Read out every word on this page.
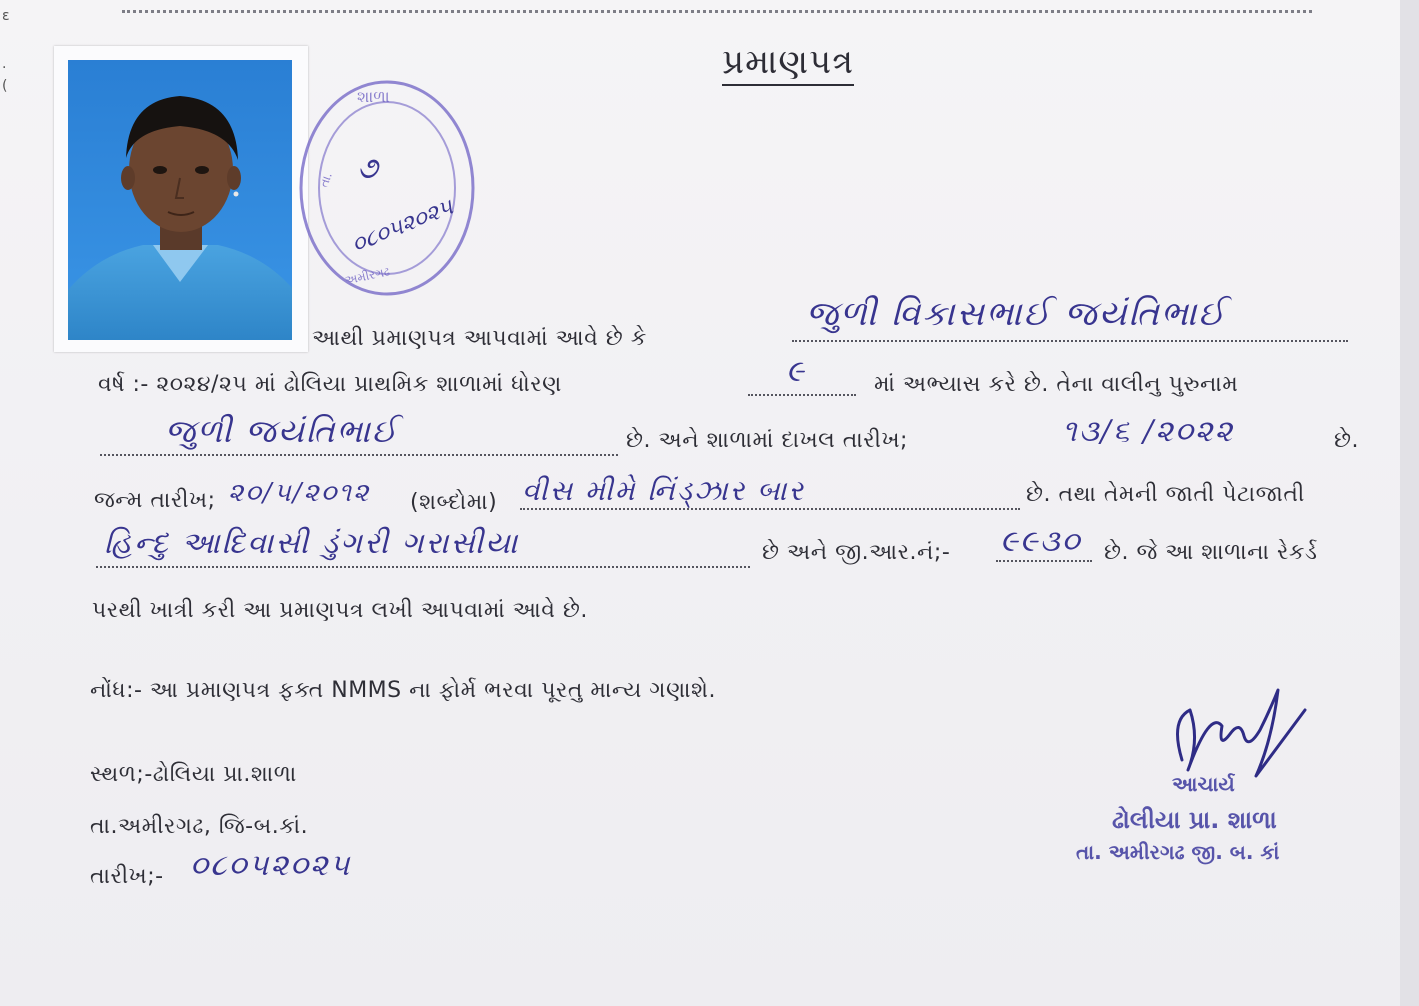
ε
·
(
પ્રમાણપત્ર
શાળા
તા. ૭
૦૮૦૫૨૦૨૫
અમીરગઢ
આથી પ્રમાણપત્ર આપવામાં આવે છે કે
જુળી વિકાસભાઈ જયંતિભાઈ
વર્ષ :- ૨૦૨૪/૨૫ માં ઢોલિયા પ્રાથમિક શાળામાં ધોરણ	૯	માં અભ્યાસ કરે છે. તેના વાલીનુ પુરુનામ
જુળી જયંતિભાઈ	છે. અને શાળામાં દાખલ તારીખ;	૧૩/૬ /૨૦૨૨	છે.
જન્મ તારીખ; ૨૦/૫/૨૦૧૨ (શબ્દોમા) વીસ મીમે નિંડ્ઝાર બાર	છે. તથા તેમની જાતી પેટાજાતી
હિન્દુ આદિવાસી ડુંગરી ગરાસીયા	છે અને જી.આર.નં;- ૯૯૩૦ છે. જે આ શાળાના રેકર્ડ
પરથી ખાત્રી કરી આ પ્રમાણપત્ર લખી આપવામાં આવે છે.
નોંધ:- આ પ્રમાણપત્ર ફક્ત NMMS ના ફોર્મ ભરવા પૂરતુ માન્ય ગણાશે.
સ્થળ;-ઢોલિયા પ્રા.શાળા
તા.અમીરગઢ, જિ-બ.કાં.
તારીખ;- ૦૮૦૫૨૦૨૫
આચાર્ય
ઢોલીયા પ્રા. શાળા
તા. અમીરગઢ જી. બ. કાં
